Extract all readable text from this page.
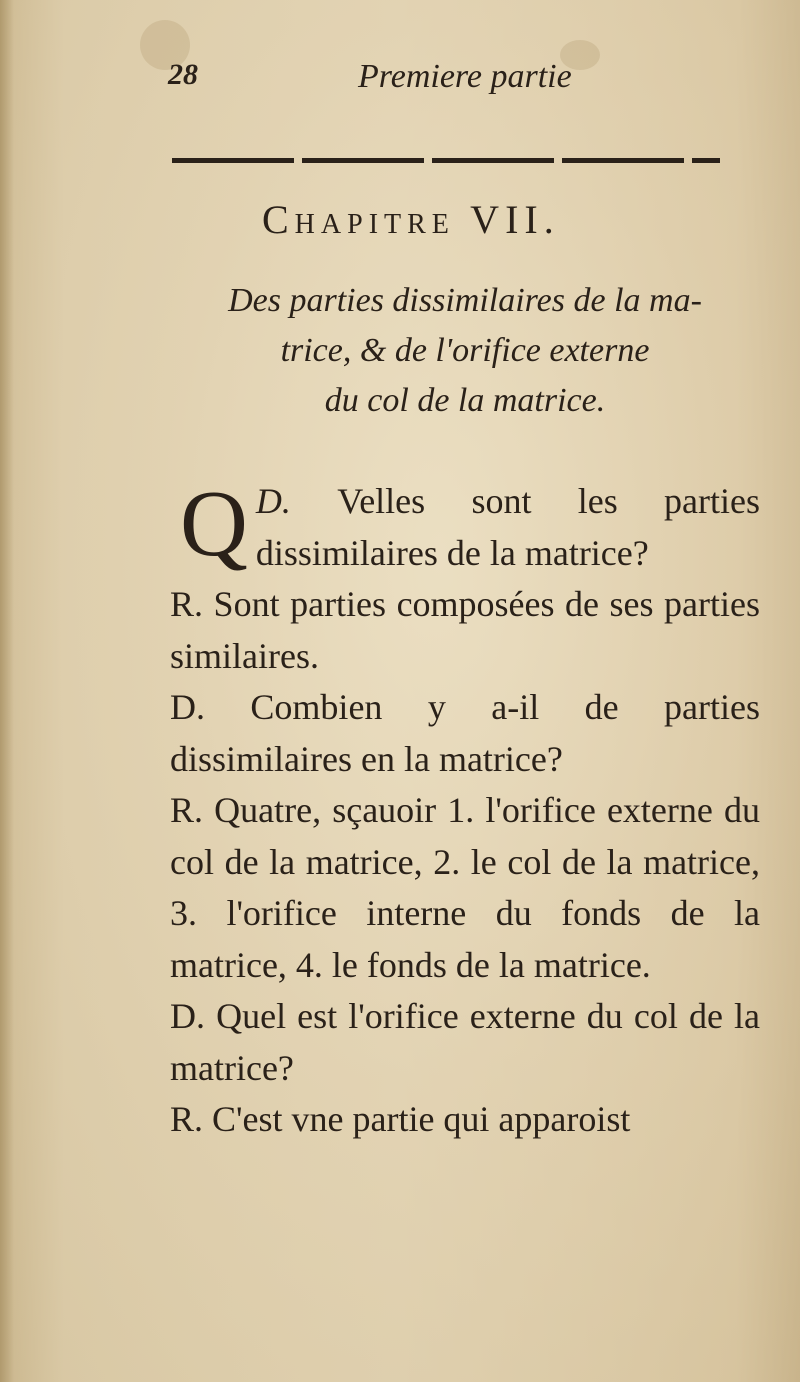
28	Premiere partie
Chapitre VII.
Des parties dissimilaires de la ma-
trice, & de l'orifice externe
du col de la matrice.

D.
Q Velles sont les parties dissimilaires de la matrice?

R. Sont parties composées de ses parties similaires.

D. Combien y a-il de parties dissimilaires en la matrice?

R. Quatre, sçauoir 1. l'orifice externe du col de la matrice, 2. le col de la matrice, 3. l'orifice interne du fonds de la matrice, 4. le fonds de la matrice.

D. Quel est l'orifice externe du col de la matrice?

R. C'est vne partie qui apparoist
